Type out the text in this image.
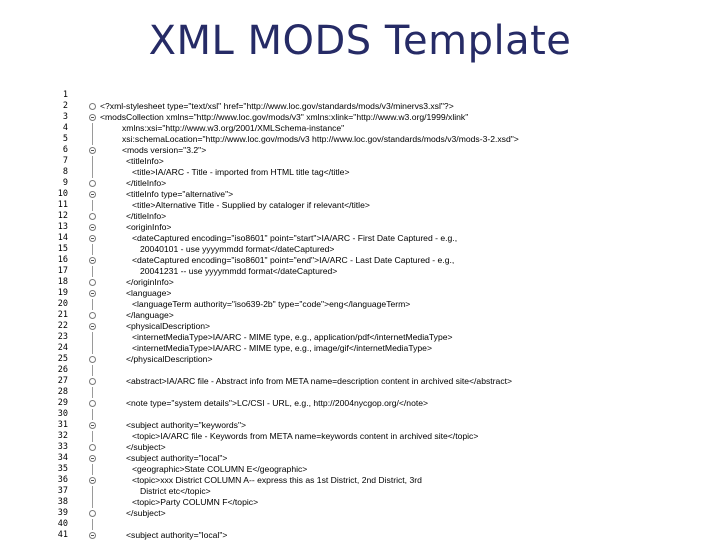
XML MODS Template
1
2	<?xml-stylesheet type="text/xsl" href="http://www.loc.gov/standards/mods/v3/minervs3.xsl"?>
3	<modsCollection xmlns="http://www.loc.gov/mods/v3" xmlns:xlink="http://www.w3.org/1999/xlink"
4	xmlns:xsi="http://www.w3.org/2001/XMLSchema-instance"
5	xsi:schemaLocation="http://www.loc.gov/mods/v3 http://www.loc.gov/standards/mods/v3/mods-3-2.xsd">
6	<mods version="3.2">
7	<titleInfo>
8	<title>IA/ARC - Title - imported from HTML title tag</title>
9	</titleInfo>
10	<titleInfo type="alternative">
11	<title>Alternative Title - Supplied by cataloger if relevant</title>
12	</titleInfo>
13	<originInfo>
14	<dateCaptured encoding="iso8601" point="start">IA/ARC - First Date Captured - e.g.,
15	20040101 - use yyyymmdd format</dateCaptured>
16	<dateCaptured encoding="iso8601" point="end">IA/ARC - Last Date Captured - e.g.,
17	20041231 -- use yyyymmdd format</dateCaptured>
18	</originInfo>
19	<language>
20	<languageTerm authority="iso639-2b" type="code">eng</languageTerm>
21	</language>
22	<physicalDescription>
23	<internetMediaType>IA/ARC - MIME type, e.g., application/pdf</internetMediaType>
24	<internetMediaType>IA/ARC - MIME type, e.g., image/gif</internetMediaType>
25	</physicalDescription>
26
27	<abstract>IA/ARC file - Abstract info from META name=description content in archived site</abstract>
28
29	<note type="system details">LC/CSI - URL, e.g., http://2004nycgop.org/</note>
30
31	<subject authority="keywords">
32	<topic>IA/ARC file - Keywords from META name=keywords content in archived site</topic>
33	</subject>
34	<subject authority="local">
35	<geographic>State COLUMN E</geographic>
36	<topic>xxx District COLUMN A-- express this as 1st District, 2nd District, 3rd
37	District etc</topic>
38	<topic>Party COLUMN F</topic>
39	</subject>
40
41	<subject authority="local">
